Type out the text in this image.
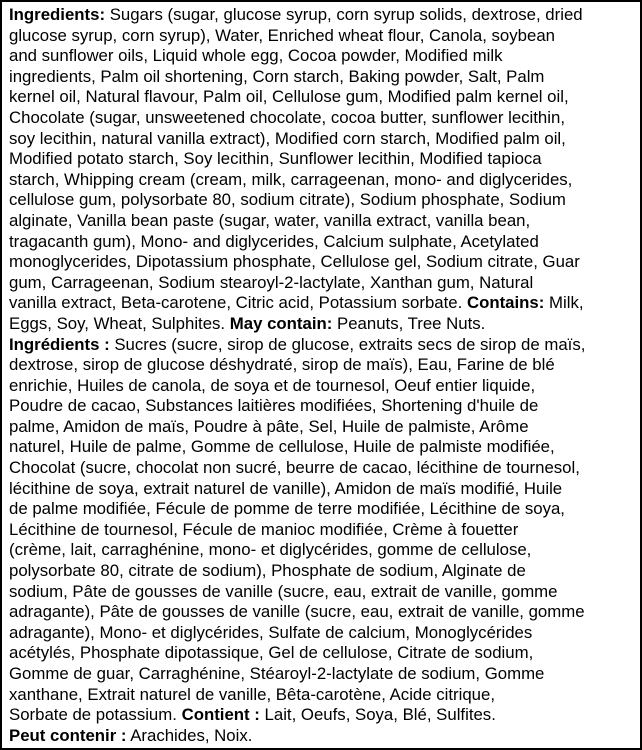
Ingredients: Sugars (sugar, glucose syrup, corn syrup solids, dextrose, dried
glucose syrup, corn syrup), Water, Enriched wheat flour, Canola, soybean
and sunflower oils, Liquid whole egg, Cocoa powder, Modified milk
ingredients, Palm oil shortening, Corn starch, Baking powder, Salt, Palm
kernel oil, Natural flavour, Palm oil, Cellulose gum, Modified palm kernel oil,
Chocolate (sugar, unsweetened chocolate, cocoa butter, sunflower lecithin,
soy lecithin, natural vanilla extract), Modified corn starch, Modified palm oil,
Modified potato starch, Soy lecithin, Sunflower lecithin, Modified tapioca
starch, Whipping cream (cream, milk, carrageenan, mono- and diglycerides,
cellulose gum, polysorbate 80, sodium citrate), Sodium phosphate, Sodium
alginate, Vanilla bean paste (sugar, water, vanilla extract, vanilla bean,
tragacanth gum), Mono- and diglycerides, Calcium sulphate, Acetylated
monoglycerides, Dipotassium phosphate, Cellulose gel, Sodium citrate, Guar
gum, Carrageenan, Sodium stearoyl-2-lactylate, Xanthan gum, Natural
vanilla extract, Beta-carotene, Citric acid, Potassium sorbate. Contains: Milk,
Eggs, Soy, Wheat, Sulphites. May contain: Peanuts, Tree Nuts.
Ingrédients : Sucres (sucre, sirop de glucose, extraits secs de sirop de maïs,
dextrose, sirop de glucose déshydraté, sirop de maïs), Eau, Farine de blé
enrichie, Huiles de canola, de soya et de tournesol, Oeuf entier liquide,
Poudre de cacao, Substances laitières modifiées, Shortening d'huile de
palme, Amidon de maïs, Poudre à pâte, Sel, Huile de palmiste, Arôme
naturel, Huile de palme, Gomme de cellulose, Huile de palmiste modifiée,
Chocolat (sucre, chocolat non sucré, beurre de cacao, lécithine de tournesol,
lécithine de soya, extrait naturel de vanille), Amidon de maïs modifié, Huile
de palme modifiée, Fécule de pomme de terre modifiée, Lécithine de soya,
Lécithine de tournesol, Fécule de manioc modifiée, Crème à fouetter
(crème, lait, carraghénine, mono- et diglycérides, gomme de cellulose,
polysorbate 80, citrate de sodium), Phosphate de sodium, Alginate de
sodium, Pâte de gousses de vanille (sucre, eau, extrait de vanille, gomme
adragante), Pâte de gousses de vanille (sucre, eau, extrait de vanille, gomme
adragante), Mono- et diglycérides, Sulfate de calcium, Monoglycérides
acétylés, Phosphate dipotassique, Gel de cellulose, Citrate de sodium,
Gomme de guar, Carraghénine, Stéaroyl-2-lactylate de sodium, Gomme
xanthane, Extrait naturel de vanille, Bêta-carotène, Acide citrique,
Sorbate de potassium. Contient : Lait, Oeufs, Soya, Blé, Sulfites.
Peut contenir : Arachides, Noix.
